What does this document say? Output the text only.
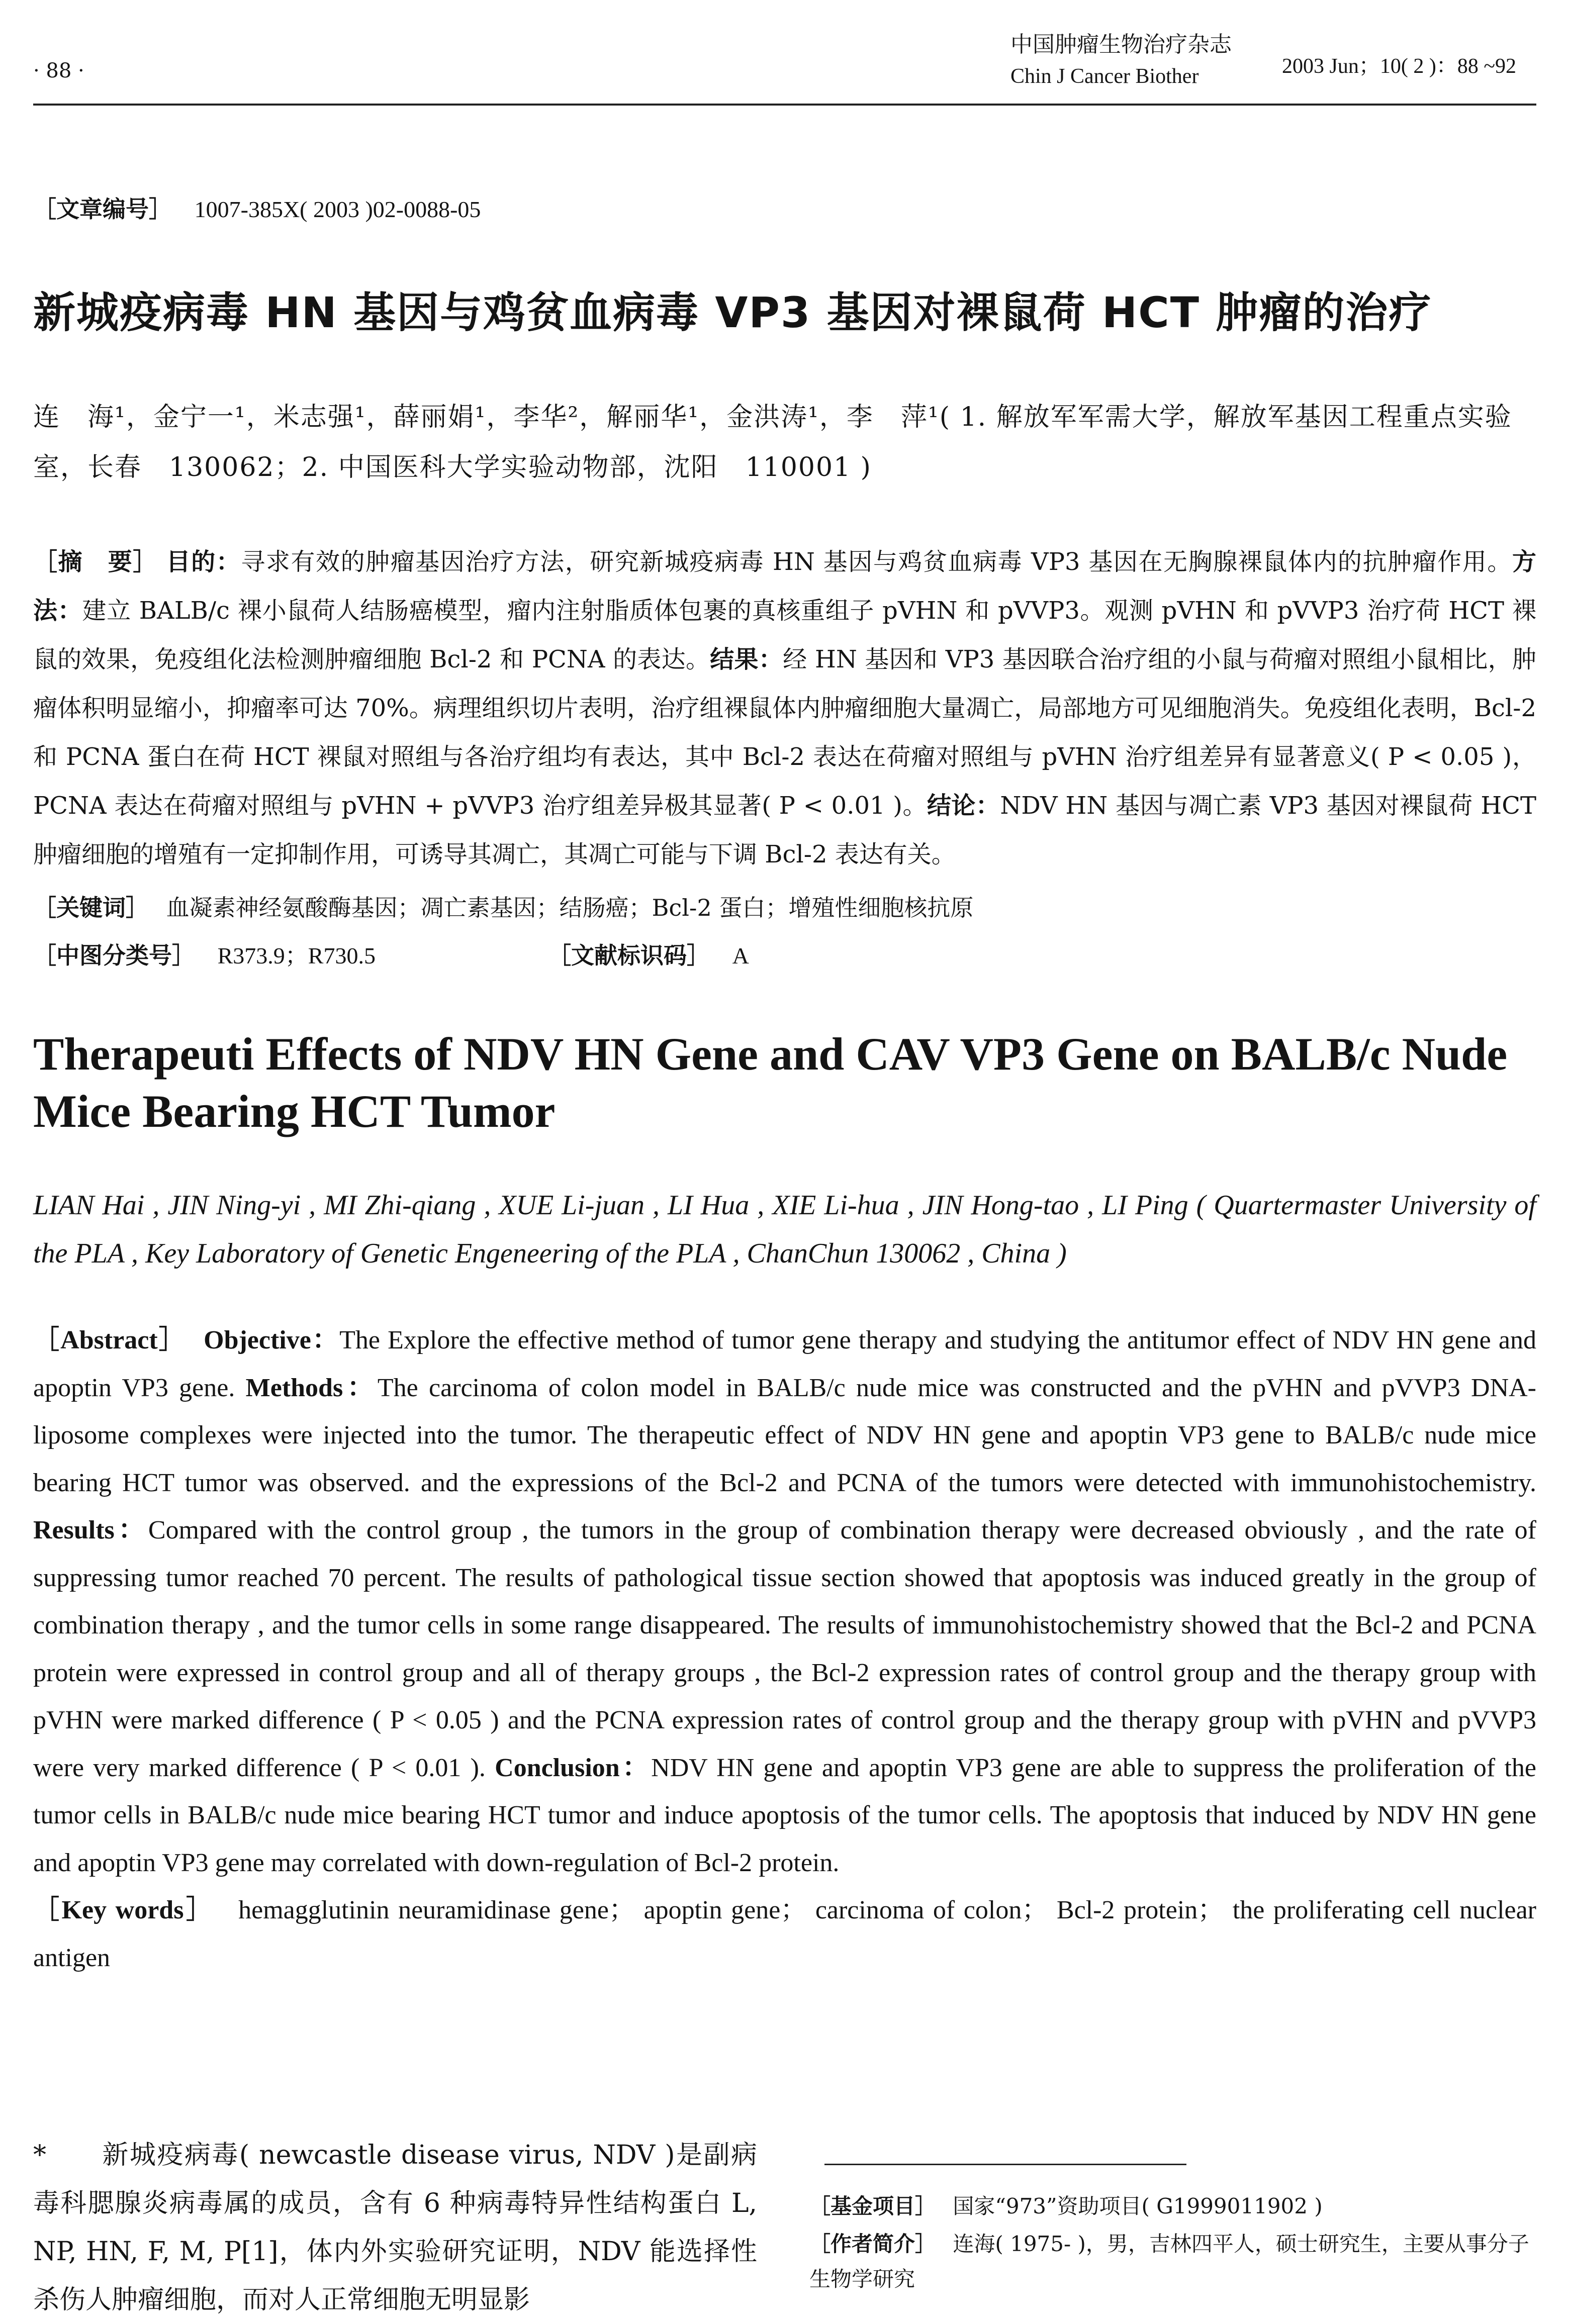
· 88 ·
中国肿瘤生物治疗杂志
Chin J Cancer Biother	2003 Jun；10( 2 )：88 ~92
［文章编号］ 1007-385X( 2003 )02-0088-05
新城疫病毒 HN 基因与鸡贫血病毒 VP3 基因对裸鼠荷 HCT 肿瘤的治疗
连　海¹，金宁一¹，米志强¹，薛丽娟¹，李华²，解丽华¹，金洪涛¹，李　萍¹( 1. 解放军军需大学，解放军基因工程重点实验室，长春　130062；2. 中国医科大学实验动物部，沈阳　110001 )
［摘　要］ 目的：寻求有效的肿瘤基因治疗方法，研究新城疫病毒 HN 基因与鸡贫血病毒 VP3 基因在无胸腺裸鼠体内的抗肿瘤作用。方法：建立 BALB/c 裸小鼠荷人结肠癌模型，瘤内注射脂质体包裹的真核重组子 pVHN 和 pVVP3。观测 pVHN 和 pVVP3 治疗荷 HCT 裸鼠的效果，免疫组化法检测肿瘤细胞 Bcl-2 和 PCNA 的表达。结果：经 HN 基因和 VP3 基因联合治疗组的小鼠与荷瘤对照组小鼠相比，肿瘤体积明显缩小，抑瘤率可达 70%。病理组织切片表明，治疗组裸鼠体内肿瘤细胞大量凋亡，局部地方可见细胞消失。免疫组化表明，Bcl-2 和 PCNA 蛋白在荷 HCT 裸鼠对照组与各治疗组均有表达，其中 Bcl-2 表达在荷瘤对照组与 pVHN 治疗组差异有显著意义( P < 0.05 )，PCNA 表达在荷瘤对照组与 pVHN + pVVP3 治疗组差异极其显著( P < 0.01 )。结论：NDV HN 基因与凋亡素 VP3 基因对裸鼠荷 HCT 肿瘤细胞的增殖有一定抑制作用，可诱导其凋亡，其凋亡可能与下调 Bcl-2 表达有关。
［关键词］ 血凝素神经氨酸酶基因；凋亡素基因；结肠癌；Bcl-2 蛋白；增殖性细胞核抗原
［中图分类号］ R373.9；R730.5	［文献标识码］ A
Therapeuti Effects of NDV HN Gene and CAV VP3 Gene on BALB/c Nude Mice Bearing HCT Tumor
LIAN Hai , JIN Ning-yi , MI Zhi-qiang , XUE Li-juan , LI Hua , XIE Li-hua , JIN Hong-tao , LI Ping ( Quartermaster University of the PLA , Key Laboratory of Genetic Engeneering of the PLA , ChanChun 130062 , China )
［Abstract］ Objective：The Explore the effective method of tumor gene therapy and studying the antitumor effect of NDV HN gene and apoptin VP3 gene. Methods：The carcinoma of colon model in BALB/c nude mice was constructed and the pVHN and pVVP3 DNA-liposome complexes were injected into the tumor. The therapeutic effect of NDV HN gene and apoptin VP3 gene to BALB/c nude mice bearing HCT tumor was observed. and the expressions of the Bcl-2 and PCNA of the tumors were detected with immunohistochemistry. Results：Compared with the control group , the tumors in the group of combination therapy were decreased obviously , and the rate of suppressing tumor reached 70 percent. The results of pathological tissue section showed that apoptosis was induced greatly in the group of combination therapy , and the tumor cells in some range disappeared. The results of immunohistochemistry showed that the Bcl-2 and PCNA protein were expressed in control group and all of therapy groups , the Bcl-2 expression rates of control group and the therapy group with pVHN were marked difference ( P < 0.05 ) and the PCNA expression rates of control group and the therapy group with pVHN and pVVP3 were very marked difference ( P < 0.01 ). Conclusion：NDV HN gene and apoptin VP3 gene are able to suppress the proliferation of the tumor cells in BALB/c nude mice bearing HCT tumor and induce apoptosis of the tumor cells. The apoptosis that induced by NDV HN gene and apoptin VP3 gene may correlated with down-regulation of Bcl-2 protein.
［Key words］ hemagglutinin neuramidinase gene； apoptin gene； carcinoma of colon； Bcl-2 protein； the proliferating cell nuclear antigen
*　　新城疫病毒( newcastle disease virus, NDV )是副病毒科腮腺炎病毒属的成员，含有 6 种病毒特异性结构蛋白 L, NP, HN, F, M, P[1]，体内外实验研究证明，NDV 能选择性杀伤人肿瘤细胞，而对人正常细胞无明显影
［基金项目］ 国家“973”资助项目( G1999011902 )
［作者简介］ 连海( 1975- )，男，吉林四平人，硕士研究生，主要从事分子生物学研究
